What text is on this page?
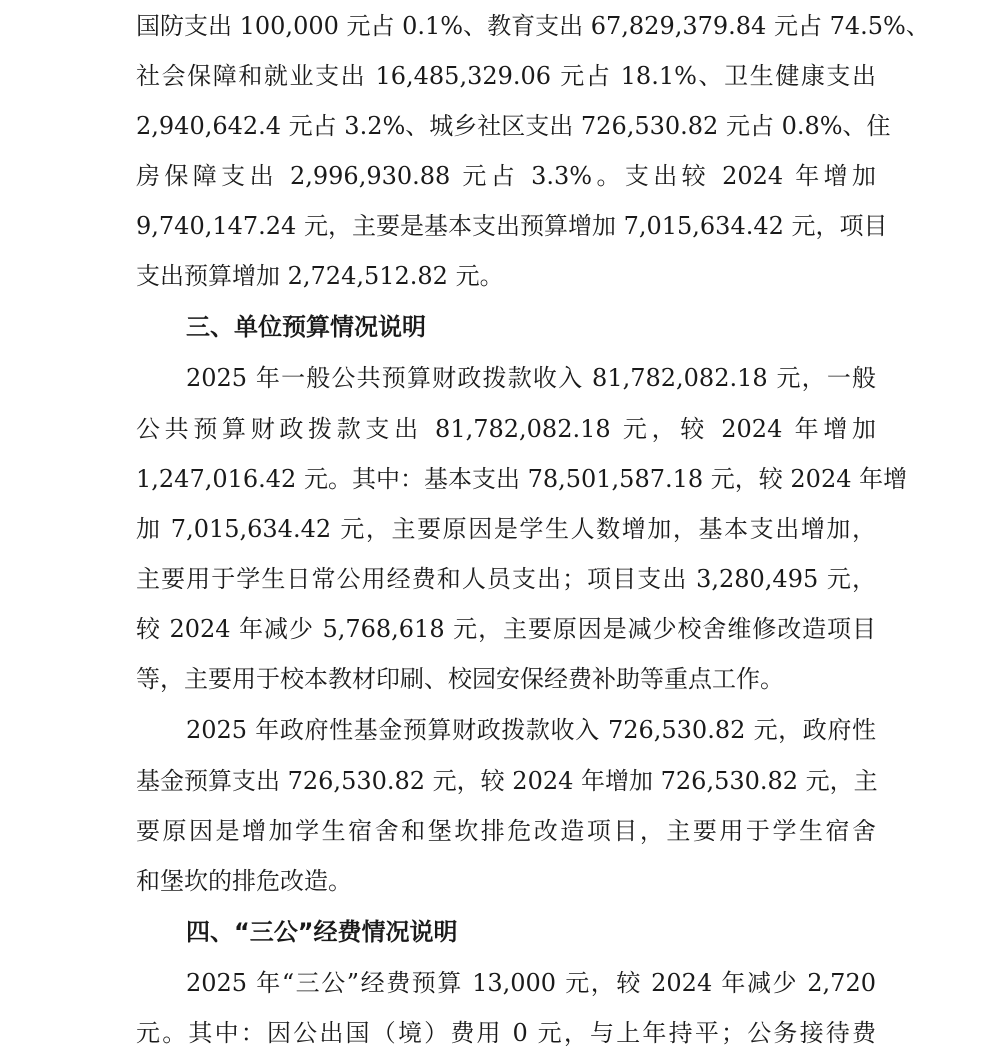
国防支出 100,000 元占 0.1%、教育支出 67,829,379.84 元占 74.5%、
社会保障和就业支出 16,485,329.06 元占 18.1%、卫生健康支出
2,940,642.4 元占 3.2%、城乡社区支出 726,530.82 元占 0.8%、住
房保障支出 2,996,930.88 元占 3.3%。支出较 2024 年增加
9,740,147.24 元，主要是基本支出预算增加 7,015,634.42 元，项目
支出预算增加 2,724,512.82 元。
三、单位预算情况说明
2025 年一般公共预算财政拨款收入 81,782,082.18 元，一般
公共预算财政拨款支出 81,782,082.18 元，较 2024 年增加
1,247,016.42 元。其中：基本支出 78,501,587.18 元，较 2024 年增
加 7,015,634.42 元，主要原因是学生人数增加，基本支出增加，
主要用于学生日常公用经费和人员支出；项目支出 3,280,495 元，
较 2024 年减少 5,768,618 元，主要原因是减少校舍维修改造项目
等，主要用于校本教材印刷、校园安保经费补助等重点工作。
2025 年政府性基金预算财政拨款收入 726,530.82 元，政府性
基金预算支出 726,530.82 元，较 2024 年增加 726,530.82 元，主
要原因是增加学生宿舍和堡坎排危改造项目，主要用于学生宿舍
和堡坎的排危改造。
四、“三公”经费情况说明
2025 年“三公”经费预算 13,000 元，较 2024 年减少 2,720
元。其中：因公出国（境）费用 0 元，与上年持平；公务接待费
